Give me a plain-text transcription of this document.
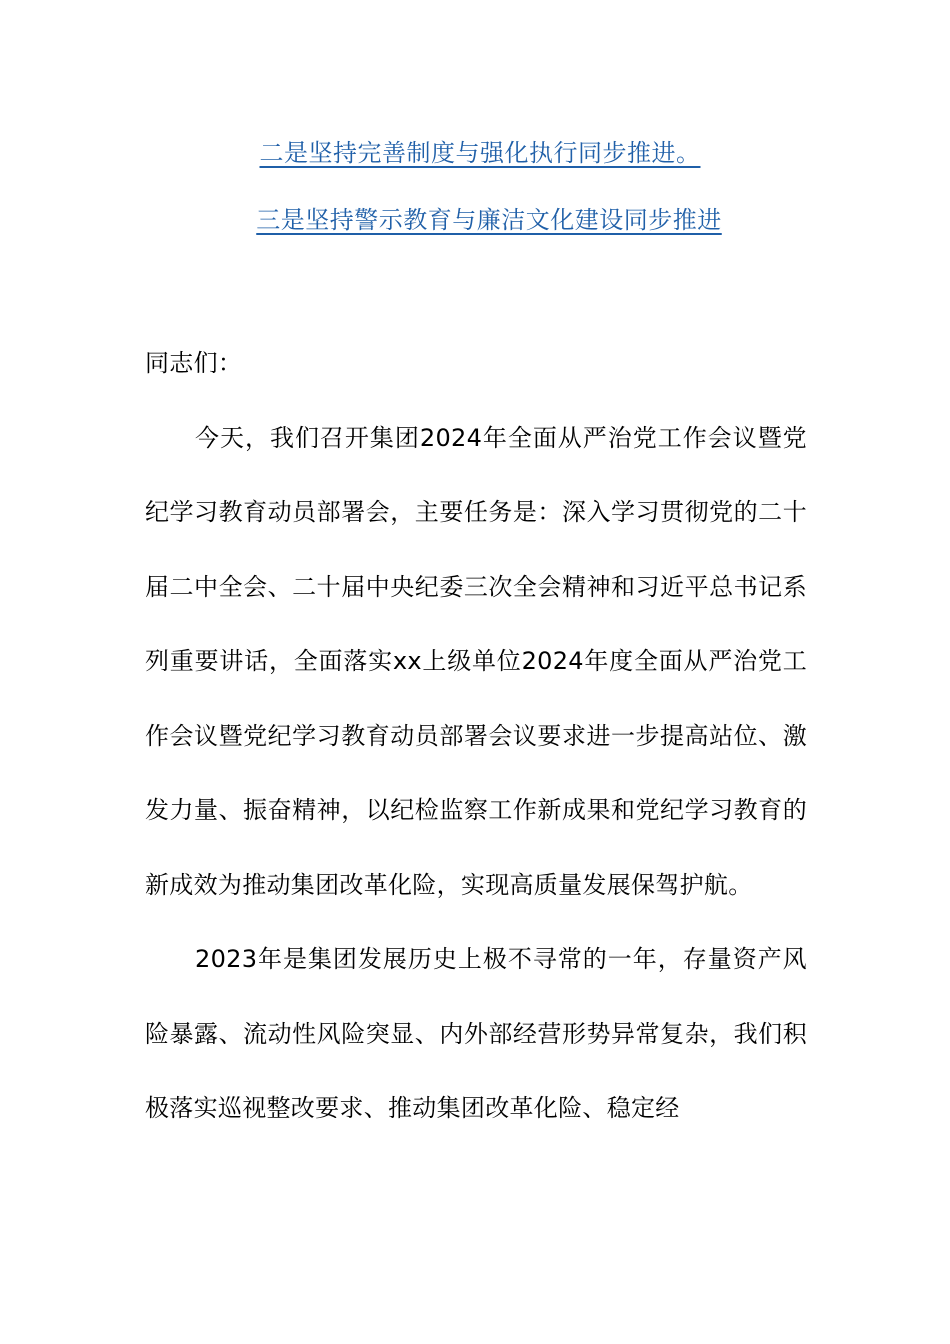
二是坚持完善制度与强化执行同步推进。
三是坚持警示教育与廉洁文化建设同步推进

同志们：

今天，我们召开集团2024年全面从严治党工作会议暨党纪学习教育动员部署会，主要任务是：深入学习贯彻党的二十届二中全会、二十届中央纪委三次全会精神和习近平总书记系列重要讲话，全面落实xx上级单位2024年度全面从严治党工作会议暨党纪学习教育动员部署会议要求进一步提高站位、激发力量、振奋精神，以纪检监察工作新成果和党纪学习教育的新成效为推动集团改革化险，实现高质量发展保驾护航。

2023年是集团发展历史上极不寻常的一年，存量资产风险暴露、流动性风险突显、内外部经营形势异常复杂，我们积极落实巡视整改要求、推动集团改革化险、稳定经
